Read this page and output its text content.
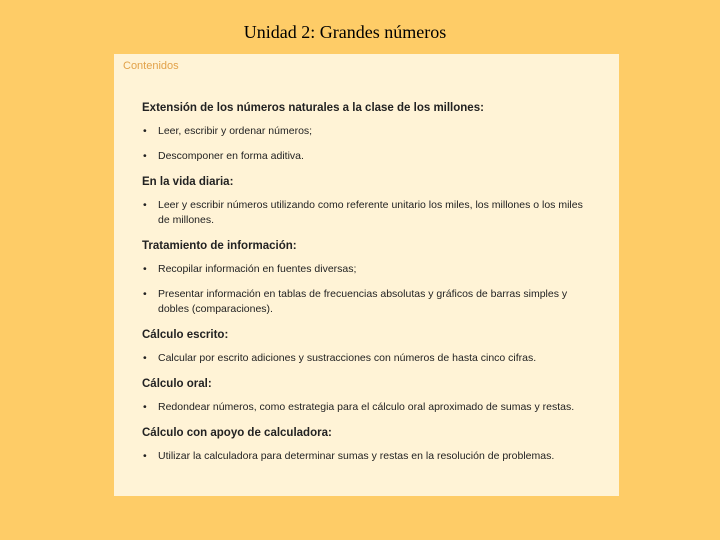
Unidad 2: Grandes números

Contenidos

Extensión de los números naturales a la clase de los millones:

• Leer, escribir y ordenar números;
• Descomponer en forma aditiva.

En la vida diaria:

• Leer y escribir números utilizando como referente unitario los miles, los millones o los miles de millones.

Tratamiento de información:

• Recopilar información en fuentes diversas;
• Presentar información en tablas de frecuencias absolutas y gráficos de barras simples y dobles (comparaciones).

Cálculo escrito:

• Calcular por escrito adiciones y sustracciones con números de hasta cinco cifras.

Cálculo oral:

• Redondear números, como estrategia para el cálculo oral aproximado de sumas y restas.

Cálculo con apoyo de calculadora:

• Utilizar la calculadora para determinar sumas y restas en la resolución de problemas.
